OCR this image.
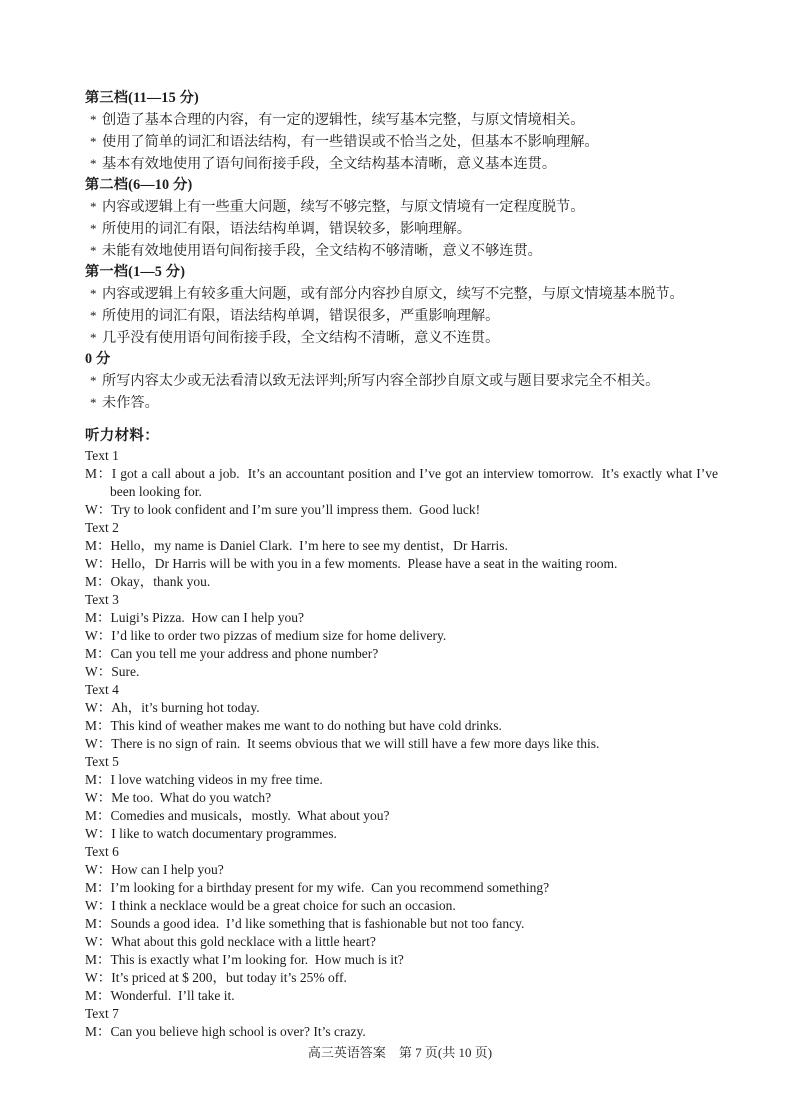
第三档(11—15 分)
* 创造了基本合理的内容，有一定的逻辑性，续写基本完整，与原文情境相关。
* 使用了简单的词汇和语法结构，有一些错误或不恰当之处，但基本不影响理解。
* 基本有效地使用了语句间衔接手段，全文结构基本清晰，意义基本连贯。
第二档(6—10 分)
* 内容或逻辑上有一些重大问题，续写不够完整，与原文情境有一定程度脱节。
* 所使用的词汇有限，语法结构单调，错误较多，影响理解。
* 未能有效地使用语句间衔接手段，全文结构不够清晰，意义不够连贯。
第一档(1—5 分)
* 内容或逻辑上有较多重大问题，或有部分内容抄自原文，续写不完整，与原文情境基本脱节。
* 所使用的词汇有限，语法结构单调，错误很多，严重影响理解。
* 几乎没有使用语句间衔接手段，全文结构不清晰，意义不连贯。
0 分
* 所写内容太少或无法看清以致无法评判;所写内容全部抄自原文或与题目要求完全不相关。
* 未作答。
听力材料：
Text 1
M：I got a call about a job.  It’s an accountant position and I’ve got an interview tomorrow.  It’s exactly what I’ve been looking for.
W：Try to look confident and I’m sure you’ll impress them.  Good luck!
Text 2
M：Hello，my name is Daniel Clark.  I’m here to see my dentist，Dr Harris.
W：Hello，Dr Harris will be with you in a few moments.  Please have a seat in the waiting room.
M：Okay，thank you.
Text 3
M：Luigi’s Pizza.  How can I help you?
W：I’d like to order two pizzas of medium size for home delivery.
M：Can you tell me your address and phone number?
W：Sure.
Text 4
W：Ah，it’s burning hot today.
M：This kind of weather makes me want to do nothing but have cold drinks.
W：There is no sign of rain.  It seems obvious that we will still have a few more days like this.
Text 5
M：I love watching videos in my free time.
W：Me too.  What do you watch?
M：Comedies and musicals，mostly.  What about you?
W：I like to watch documentary programmes.
Text 6
W：How can I help you?
M：I’m looking for a birthday present for my wife.  Can you recommend something?
W：I think a necklace would be a great choice for such an occasion.
M：Sounds a good idea.  I’d like something that is fashionable but not too fancy.
W：What about this gold necklace with a little heart?
M：This is exactly what I’m looking for.  How much is it?
W：It’s priced at $ 200，but today it’s 25% off.
M：Wonderful.  I’ll take it.
Text 7
M：Can you believe high school is over? It’s crazy.
高三英语答案　第 7 页(共 10 页)
